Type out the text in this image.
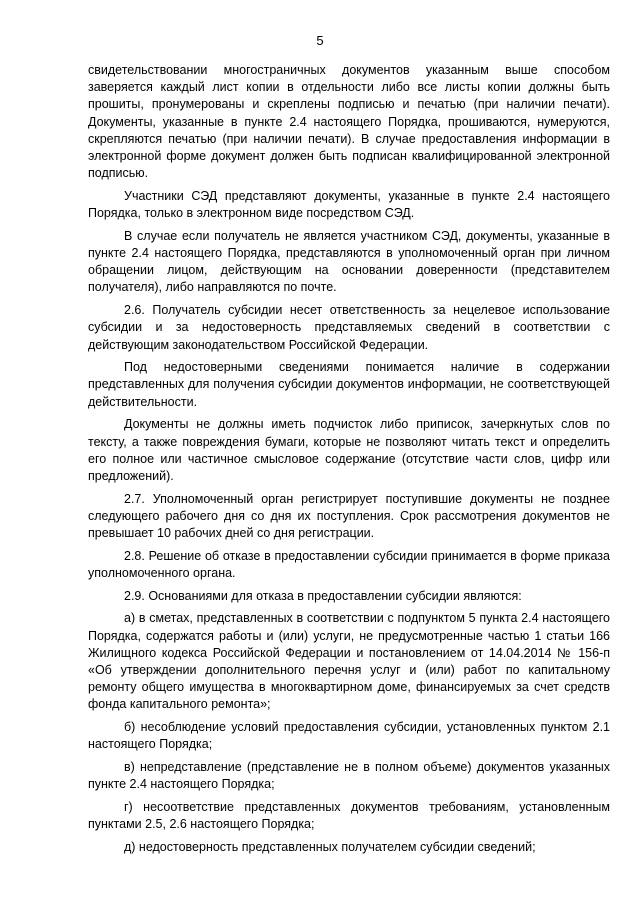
5

свидетельствовании многостраничных документов указанным выше способом заверяется каждый лист копии в отдельности либо все листы копии должны быть прошиты, пронумерованы и скреплены подписью и печатью (при наличии печати). Документы, указанные в пункте 2.4 настоящего Порядка, прошиваются, нумеруются, скрепляются печатью (при наличии печати). В случае предоставления информации в электронной форме документ должен быть подписан квалифицированной электронной подписью.

Участники СЭД представляют документы, указанные в пункте 2.4 настоящего Порядка, только в электронном виде посредством СЭД.

В случае если получатель не является участником СЭД, документы, указанные в пункте 2.4 настоящего Порядка, представляются в уполномоченный орган при личном обращении лицом, действующим на основании доверенности (представителем получателя), либо направляются по почте.

2.6. Получатель субсидии несет ответственность за нецелевое использование субсидии и за недостоверность представляемых сведений в соответствии с действующим законодательством Российской Федерации.

Под недостоверными сведениями понимается наличие в содержании представленных для получения субсидии документов информации, не соответствующей действительности.

Документы не должны иметь подчисток либо приписок, зачеркнутых слов по тексту, а также повреждения бумаги, которые не позволяют читать текст и определить его полное или частичное смысловое содержание (отсутствие части слов, цифр или предложений).

2.7. Уполномоченный орган регистрирует поступившие документы не позднее следующего рабочего дня со дня их поступления. Срок рассмотрения документов не превышает 10 рабочих дней со дня регистрации.

2.8. Решение об отказе в предоставлении субсидии принимается в форме приказа уполномоченного органа.

2.9. Основаниями для отказа в предоставлении субсидии являются:

а) в сметах, представленных в соответствии с подпунктом 5 пункта 2.4 настоящего Порядка, содержатся работы и (или) услуги, не предусмотренные частью 1 статьи 166 Жилищного кодекса Российской Федерации и постановлением от 14.04.2014 № 156-п «Об утверждении дополнительного перечня услуг и (или) работ по капитальному ремонту общего имущества в многоквартирном доме, финансируемых за счет средств фонда капитального ремонта»;

б) несоблюдение условий предоставления субсидии, установленных пунктом 2.1 настоящего Порядка;

в) непредставление (представление не в полном объеме) документов указанных пункте 2.4 настоящего Порядка;

г) несоответствие представленных документов требованиям, установленным пунктами 2.5, 2.6 настоящего Порядка;

д) недостоверность представленных получателем субсидии сведений;
